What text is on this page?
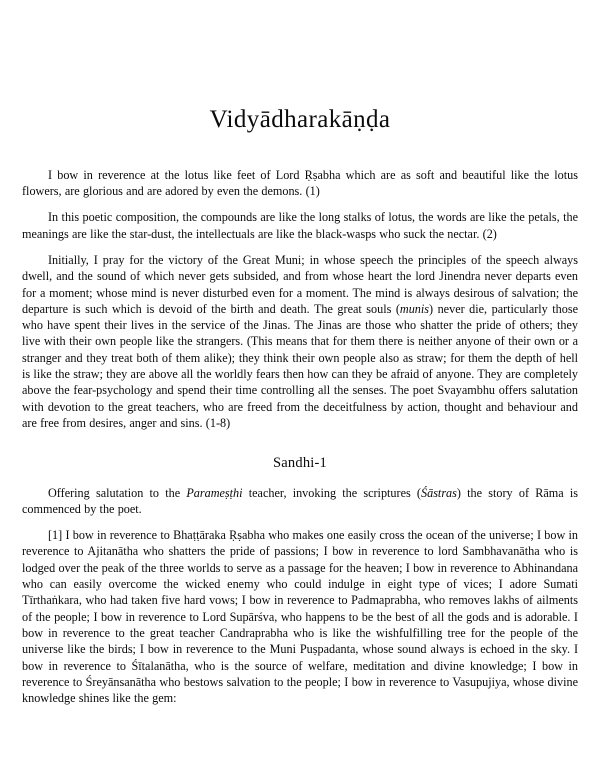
Vidyādharakāṇḍa

I bow in reverence at the lotus like feet of Lord Ṛṣabha which are as soft and beautiful like the lotus flowers, are glorious and are adored by even the demons. (1)

In this poetic composition, the compounds are like the long stalks of lotus, the words are like the petals, the meanings are like the star-dust, the intellectuals are like the black-wasps who suck the nectar. (2)

Initially, I pray for the victory of the Great Muni; in whose speech the principles of the speech always dwell, and the sound of which never gets subsided, and from whose heart the lord Jinendra never departs even for a moment; whose mind is never disturbed even for a moment. The mind is always desirous of salvation; the departure is such which is devoid of the birth and death. The great souls (munis) never die, particularly those who have spent their lives in the service of the Jinas. The Jinas are those who shatter the pride of others; they live with their own people like the strangers. (This means that for them there is neither anyone of their own or a stranger and they treat both of them alike); they think their own people also as straw; for them the depth of hell is like the straw; they are above all the worldly fears then how can they be afraid of anyone. They are completely above the fear-psychology and spend their time controlling all the senses. The poet Svayambhu offers salutation with devotion to the great teachers, who are freed from the deceitfulness by action, thought and behaviour and are free from desires, anger and sins. (1-8)

Sandhi-1

Offering salutation to the Parameṣṭhi teacher, invoking the scriptures (Śāstras) the story of Rāma is commenced by the poet.

[1] I bow in reverence to Bhaṭṭāraka Ṛṣabha who makes one easily cross the ocean of the universe; I bow in reverence to Ajitanātha who shatters the pride of passions; I bow in reverence to lord Sambhavanātha who is lodged over the peak of the three worlds to serve as a passage for the heaven; I bow in reverence to Abhinandana who can easily overcome the wicked enemy who could indulge in eight type of vices; I adore Sumati Tīrthaṅkara, who had taken five hard vows; I bow in reverence to Padmaprabha, who removes lakhs of ailments of the people; I bow in reverence to Lord Supārśva, who happens to be the best of all the gods and is adorable. I bow in reverence to the great teacher Candraprabha who is like the wishfulfilling tree for the people of the universe like the birds; I bow in reverence to the Muni Puṣpadanta, whose sound always is echoed in the sky. I bow in reverence to Śītalanātha, who is the source of welfare, meditation and divine knowledge; I bow in reverence to Śreyānsanātha who bestows salvation to the people; I bow in reverence to Vasupujiya, whose divine knowledge shines like the gem:
